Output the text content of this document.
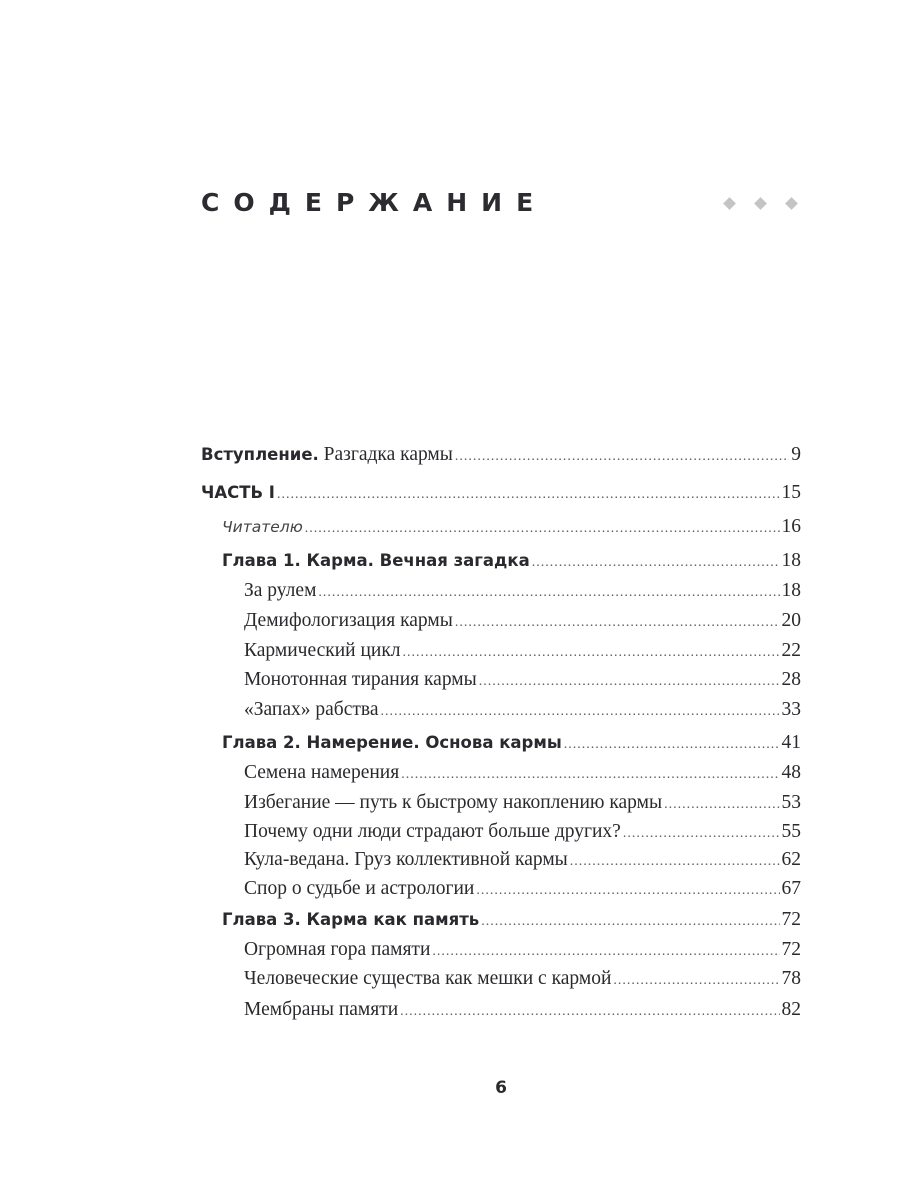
СОДЕРЖАНИЕ
Вступление. Разгадка кармы .....	9
ЧАСТЬ I .....	15
Читателю .....	16
Глава 1. Карма. Вечная загадка .....	18
За рулем .....	18
Демифологизация кармы .....	20
Кармический цикл .....	22
Монотонная тирания кармы .....	28
«Запах» рабства .....	33
Глава 2. Намерение. Основа кармы .....	41
Семена намерения .....	48
Избегание — путь к быстрому накоплению кармы .....	53
Почему одни люди страдают больше других? .....	55
Кула-ведана. Груз коллективной кармы .....	62
Спор о судьбе и астрологии .....	67
Глава 3. Карма как память .....	72
Огромная гора памяти .....	72
Человеческие существа как мешки с кармой .....	78
Мембраны памяти .....	82
6
